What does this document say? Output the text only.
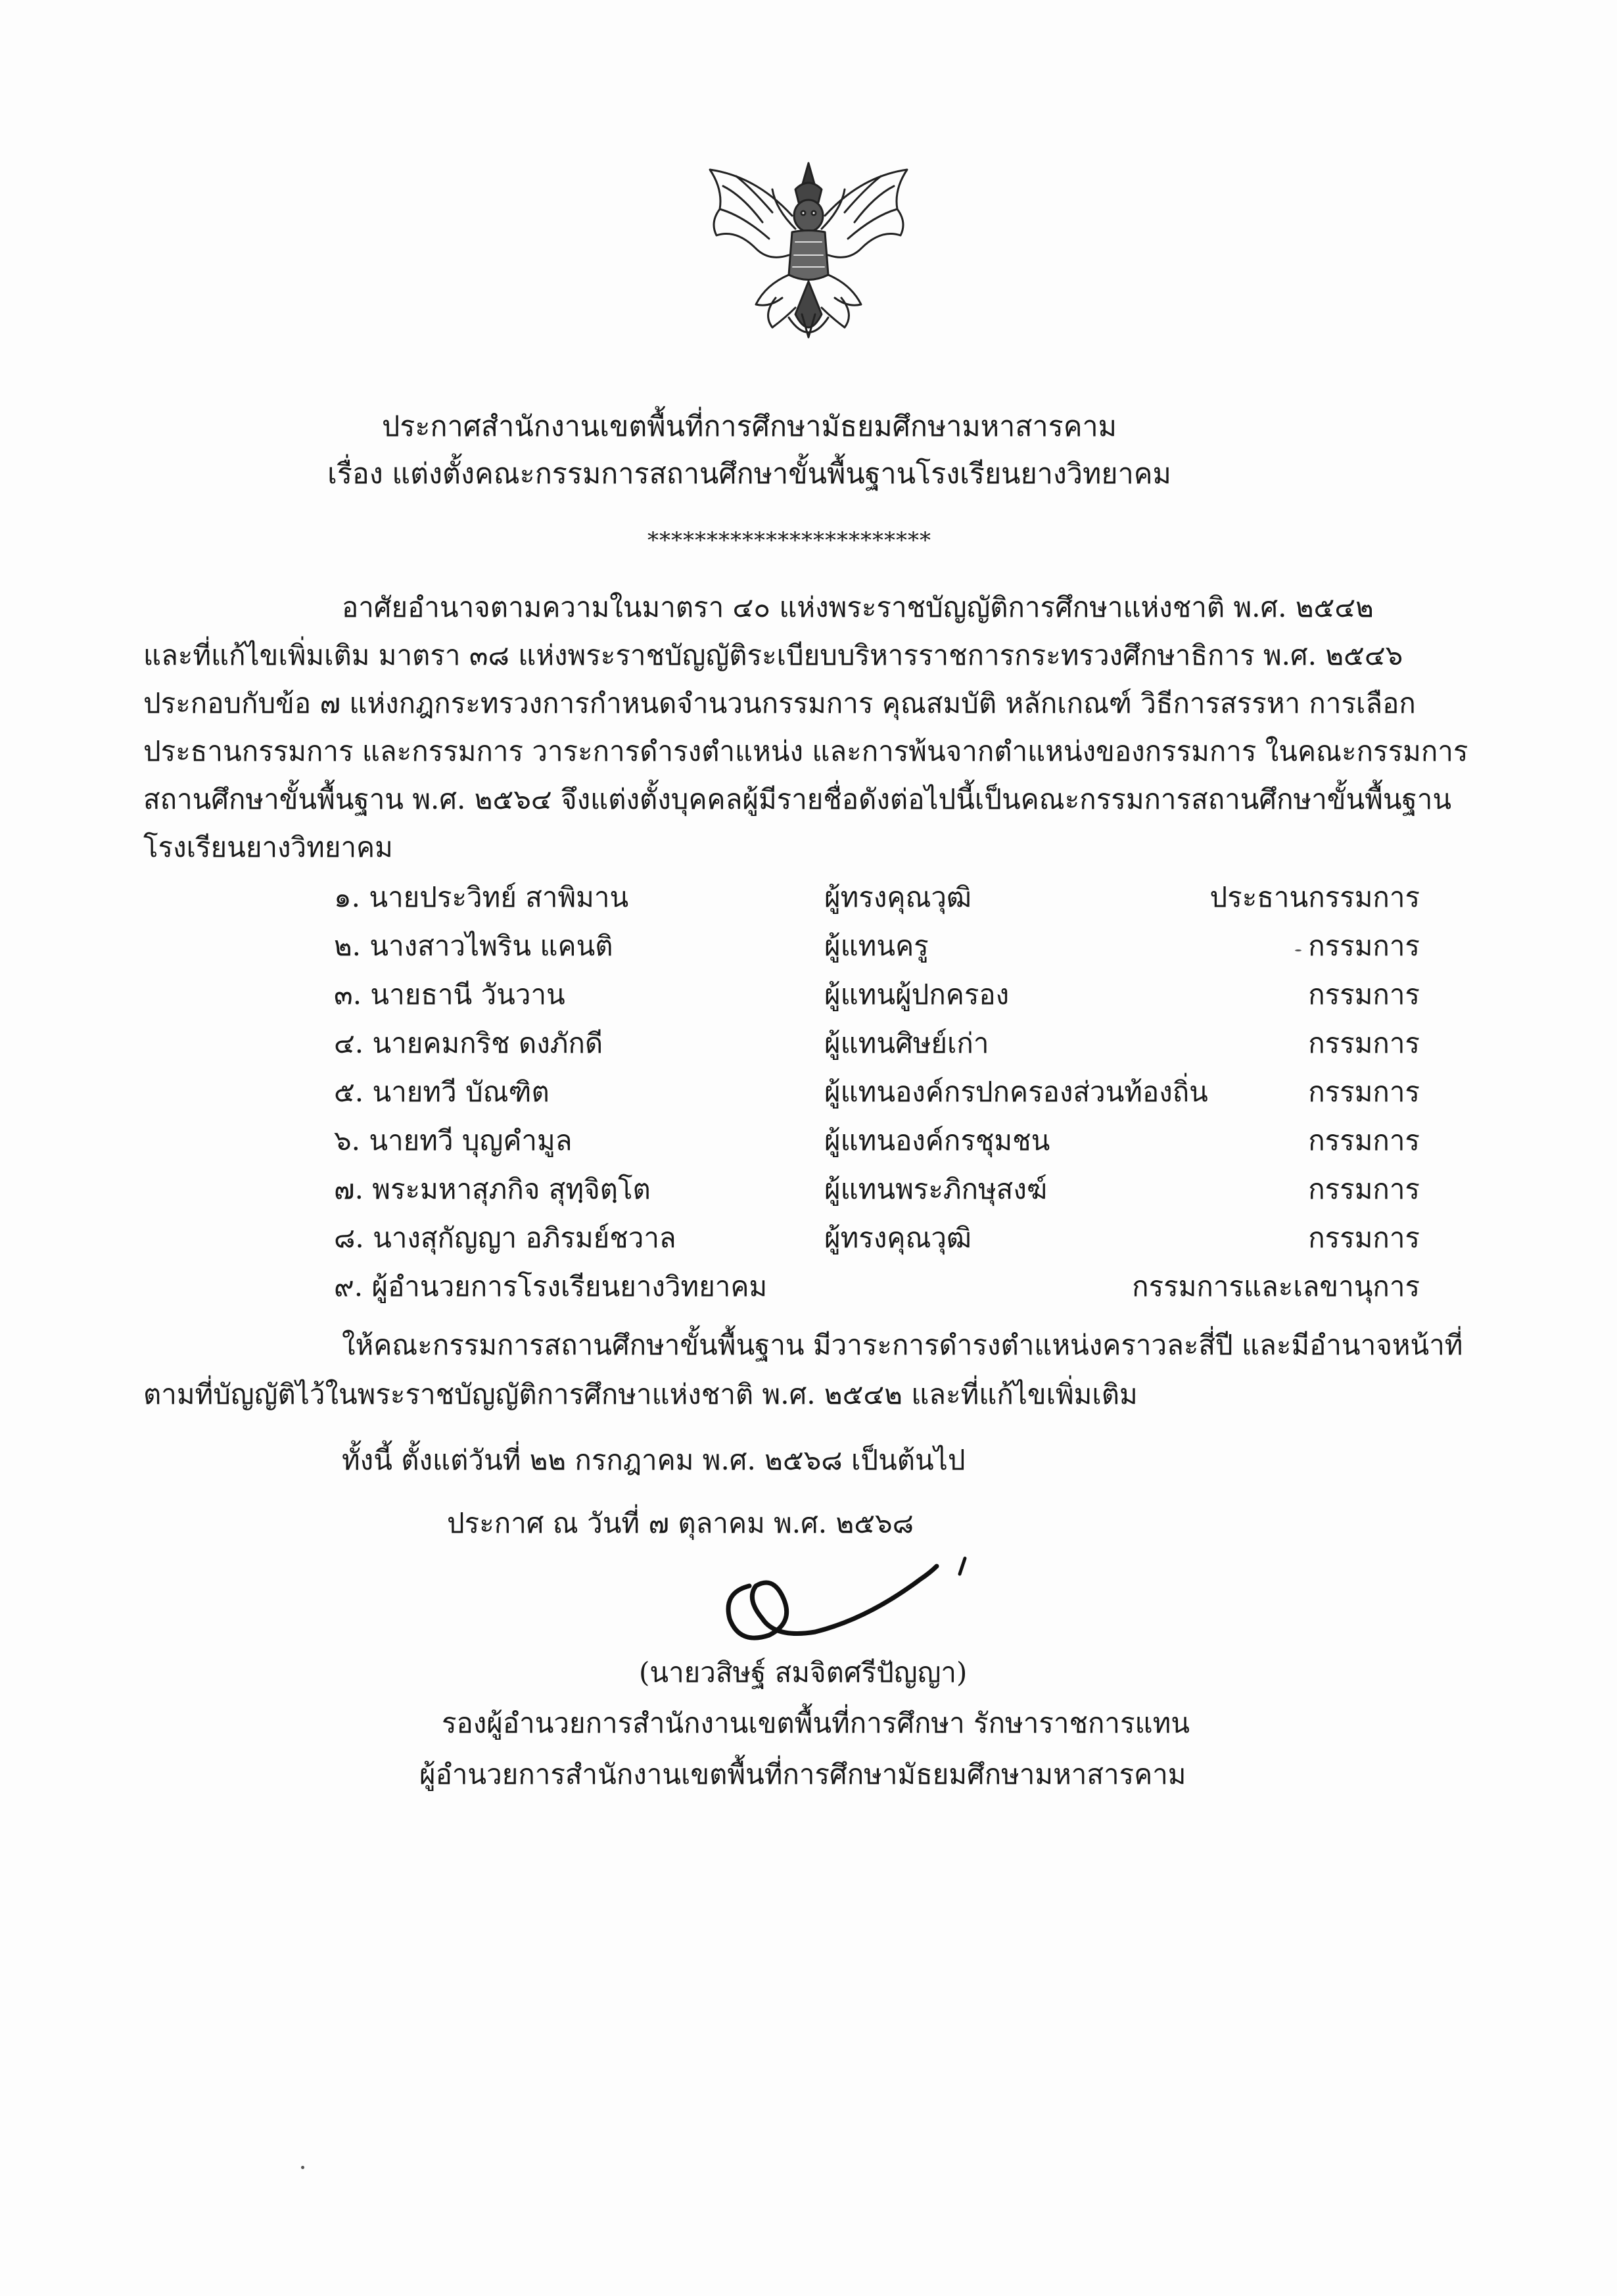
ประกาศสำนักงานเขตพื้นที่การศึกษามัธยมศึกษามหาสารคาม
เรื่อง แต่งตั้งคณะกรรมการสถานศึกษาขั้นพื้นฐานโรงเรียนยางวิทยาคม
************************
อาศัยอำนาจตามความในมาตรา ๔๐ แห่งพระราชบัญญัติการศึกษาแห่งชาติ พ.ศ. ๒๕๔๒
และที่แก้ไขเพิ่มเติม มาตรา ๓๘ แห่งพระราชบัญญัติระเบียบบริหารราชการกระทรวงศึกษาธิการ พ.ศ. ๒๕๔๖
ประกอบกับข้อ ๗ แห่งกฎกระทรวงการกำหนดจำนวนกรรมการ คุณสมบัติ หลักเกณฑ์ วิธีการสรรหา การเลือก
ประธานกรรมการ และกรรมการ วาระการดำรงตำแหน่ง และการพ้นจากตำแหน่งของกรรมการ ในคณะกรรมการ
สถานศึกษาขั้นพื้นฐาน พ.ศ. ๒๕๖๔ จึงแต่งตั้งบุคคลผู้มีรายชื่อดังต่อไปนี้เป็นคณะกรรมการสถานศึกษาขั้นพื้นฐาน
โรงเรียนยางวิทยาคม
๑. นายประวิทย์ สาพิมาน	ผู้ทรงคุณวุฒิ	ประธานกรรมการ
๒. นางสาวไพริน แคนติ	ผู้แทนครู	กรรมการ
๓. นายธานี วันวาน	ผู้แทนผู้ปกครอง	กรรมการ
๔. นายคมกริช ดงภักดี	ผู้แทนศิษย์เก่า	กรรมการ
๕. นายทวี บัณฑิต	ผู้แทนองค์กรปกครองส่วนท้องถิ่น	กรรมการ
๖. นายทวี บุญคำมูล	ผู้แทนองค์กรชุมชน	กรรมการ
๗. พระมหาสุภกิจ สุทฺจิตฺโต	ผู้แทนพระภิกษุสงฆ์	กรรมการ
๘. นางสุกัญญา อภิรมย์ชวาล	ผู้ทรงคุณวุฒิ	กรรมการ
๙. ผู้อำนวยการโรงเรียนยางวิทยาคม	กรรมการและเลขานุการ
ให้คณะกรรมการสถานศึกษาขั้นพื้นฐาน มีวาระการดำรงตำแหน่งคราวละสี่ปี และมีอำนาจหน้าที่
ตามที่บัญญัติไว้ในพระราชบัญญัติการศึกษาแห่งชาติ พ.ศ. ๒๕๔๒ และที่แก้ไขเพิ่มเติม
ทั้งนี้ ตั้งแต่วันที่ ๒๒ กรกฎาคม พ.ศ. ๒๕๖๘ เป็นต้นไป
ประกาศ ณ วันที่ ๗ ตุลาคม พ.ศ. ๒๕๖๘
(นายวสิษฐ์ สมจิตศรีปัญญา)
รองผู้อำนวยการสำนักงานเขตพื้นที่การศึกษา รักษาราชการแทน
ผู้อำนวยการสำนักงานเขตพื้นที่การศึกษามัธยมศึกษามหาสารคาม
